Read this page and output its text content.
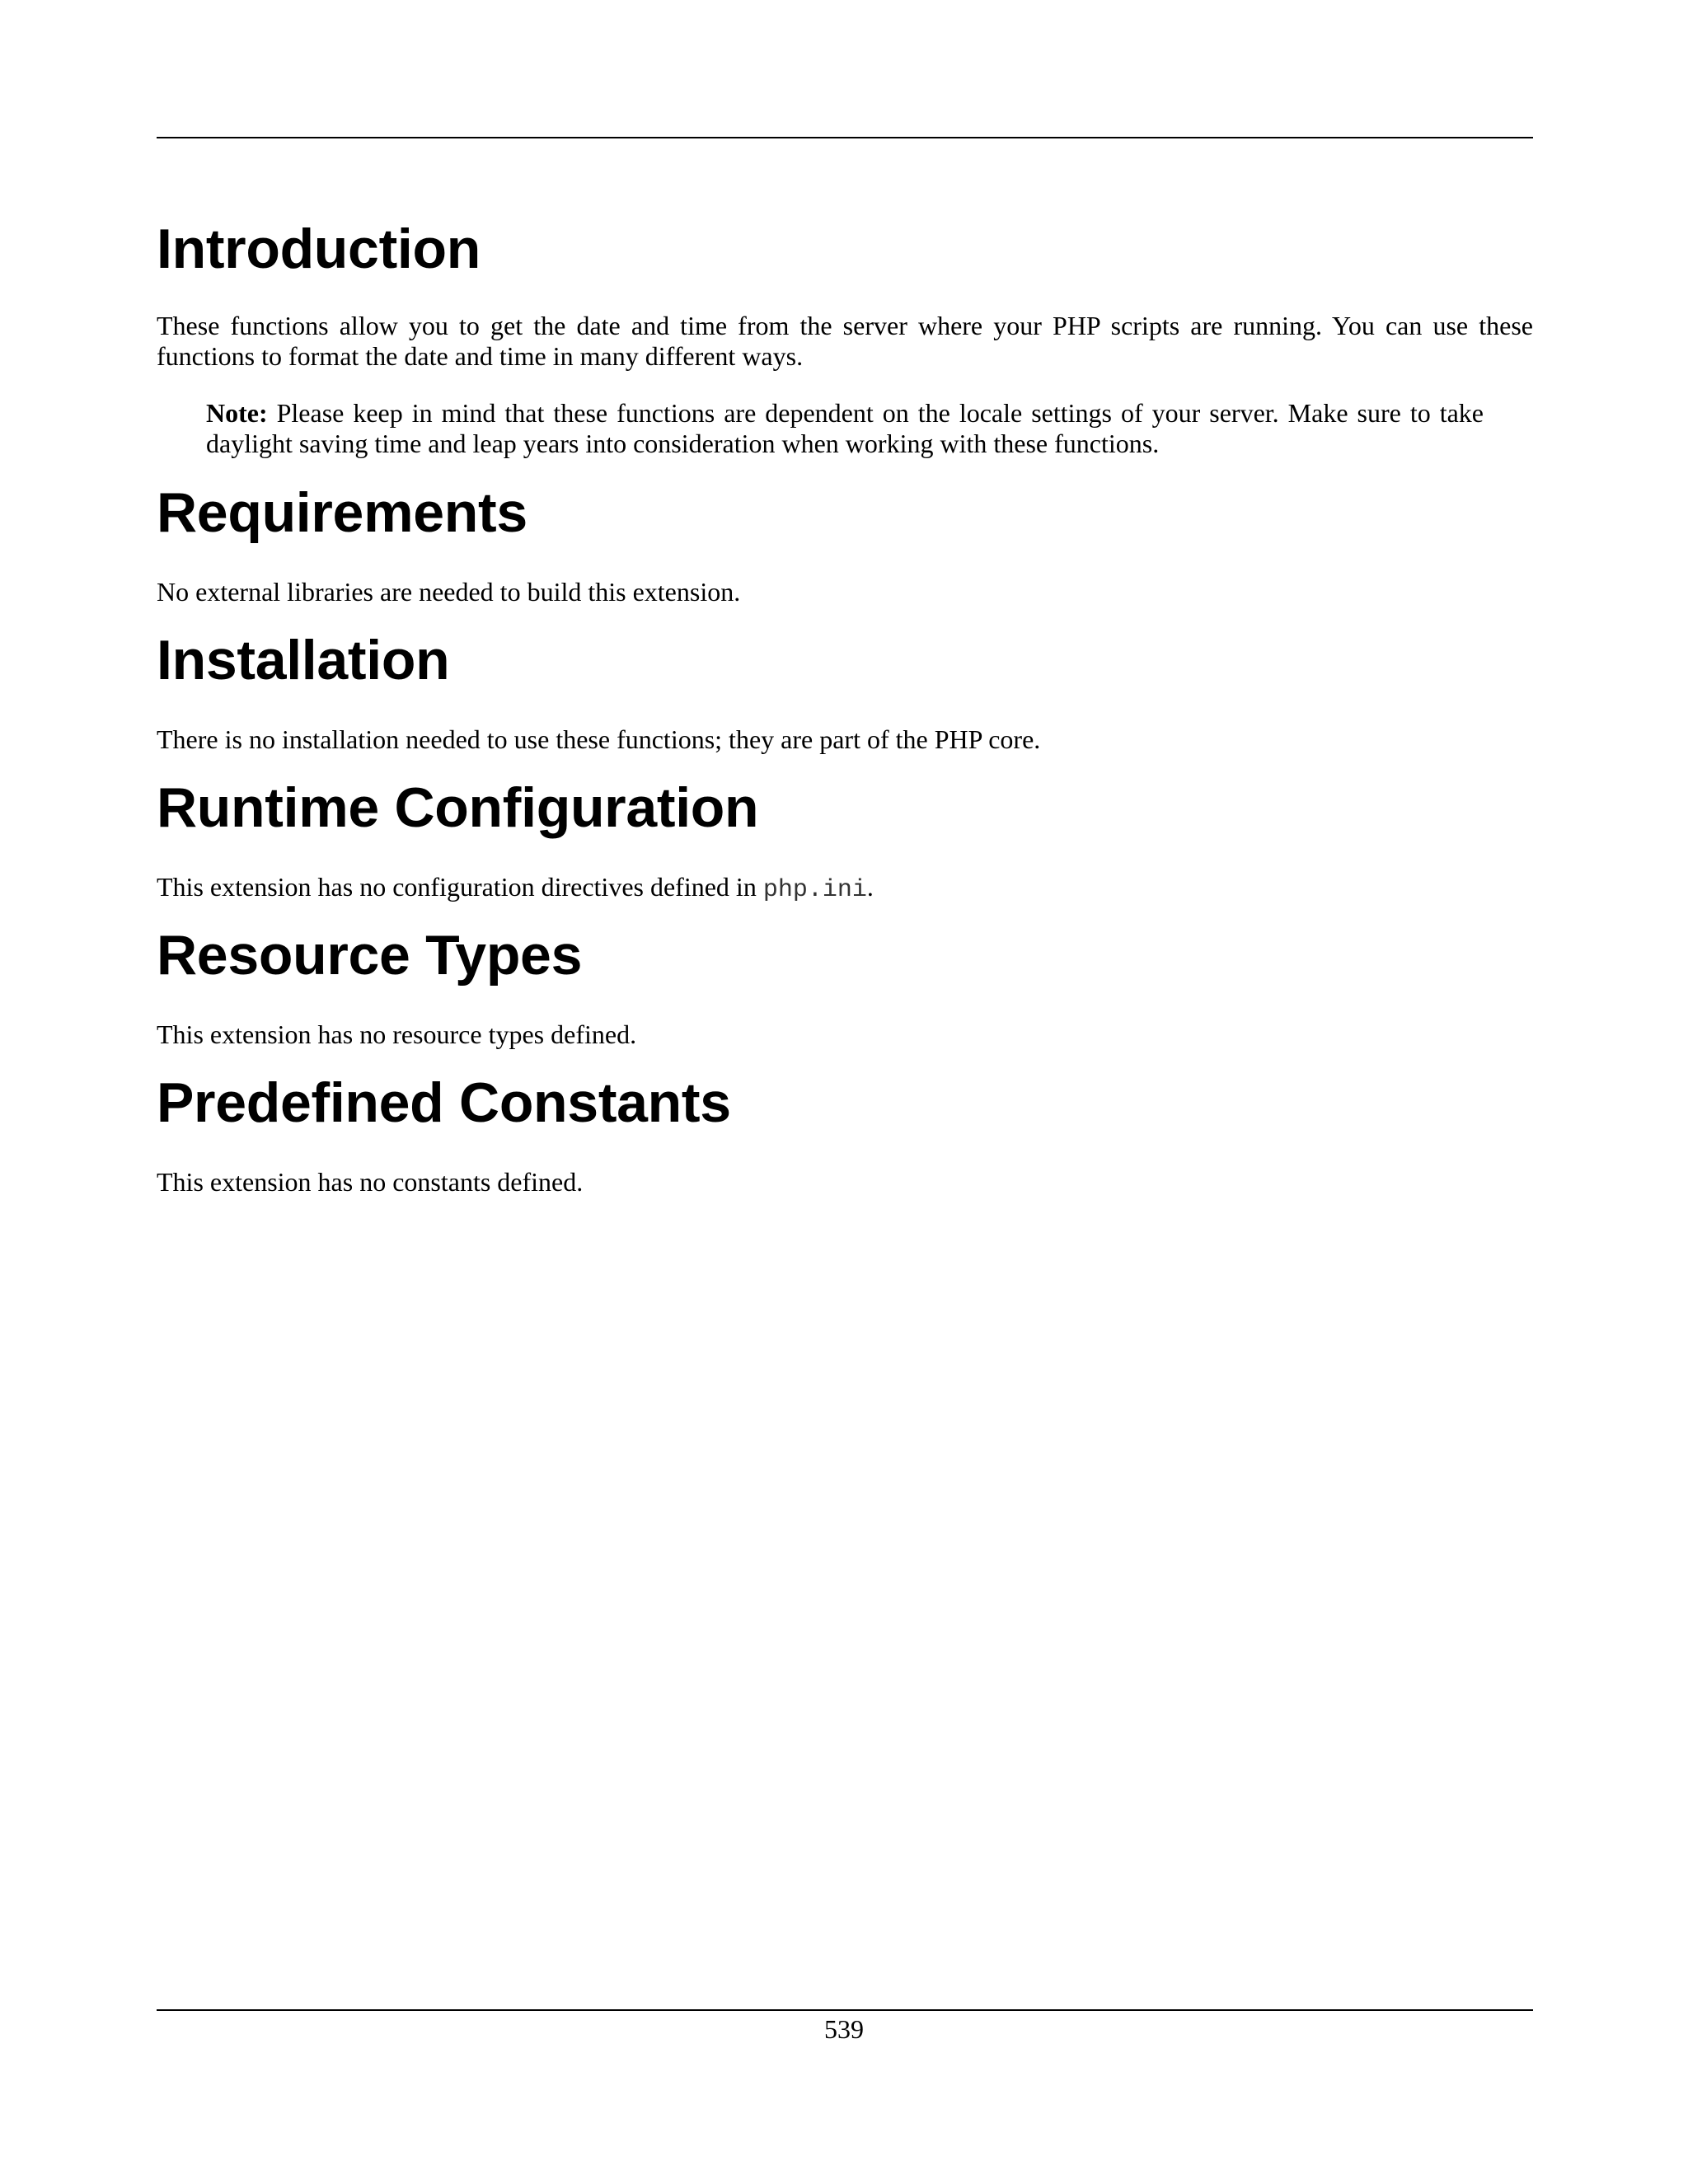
Introduction

These functions allow you to get the date and time from the server where your PHP scripts are running. You can use these functions to format the date and time in many different ways.

Note: Please keep in mind that these functions are dependent on the locale settings of your server. Make sure to take daylight saving time and leap years into consideration when working with these functions.

Requirements

No external libraries are needed to build this extension.

Installation

There is no installation needed to use these functions; they are part of the PHP core.

Runtime Configuration

This extension has no configuration directives defined in php.ini.

Resource Types

This extension has no resource types defined.

Predefined Constants

This extension has no constants defined.

539
